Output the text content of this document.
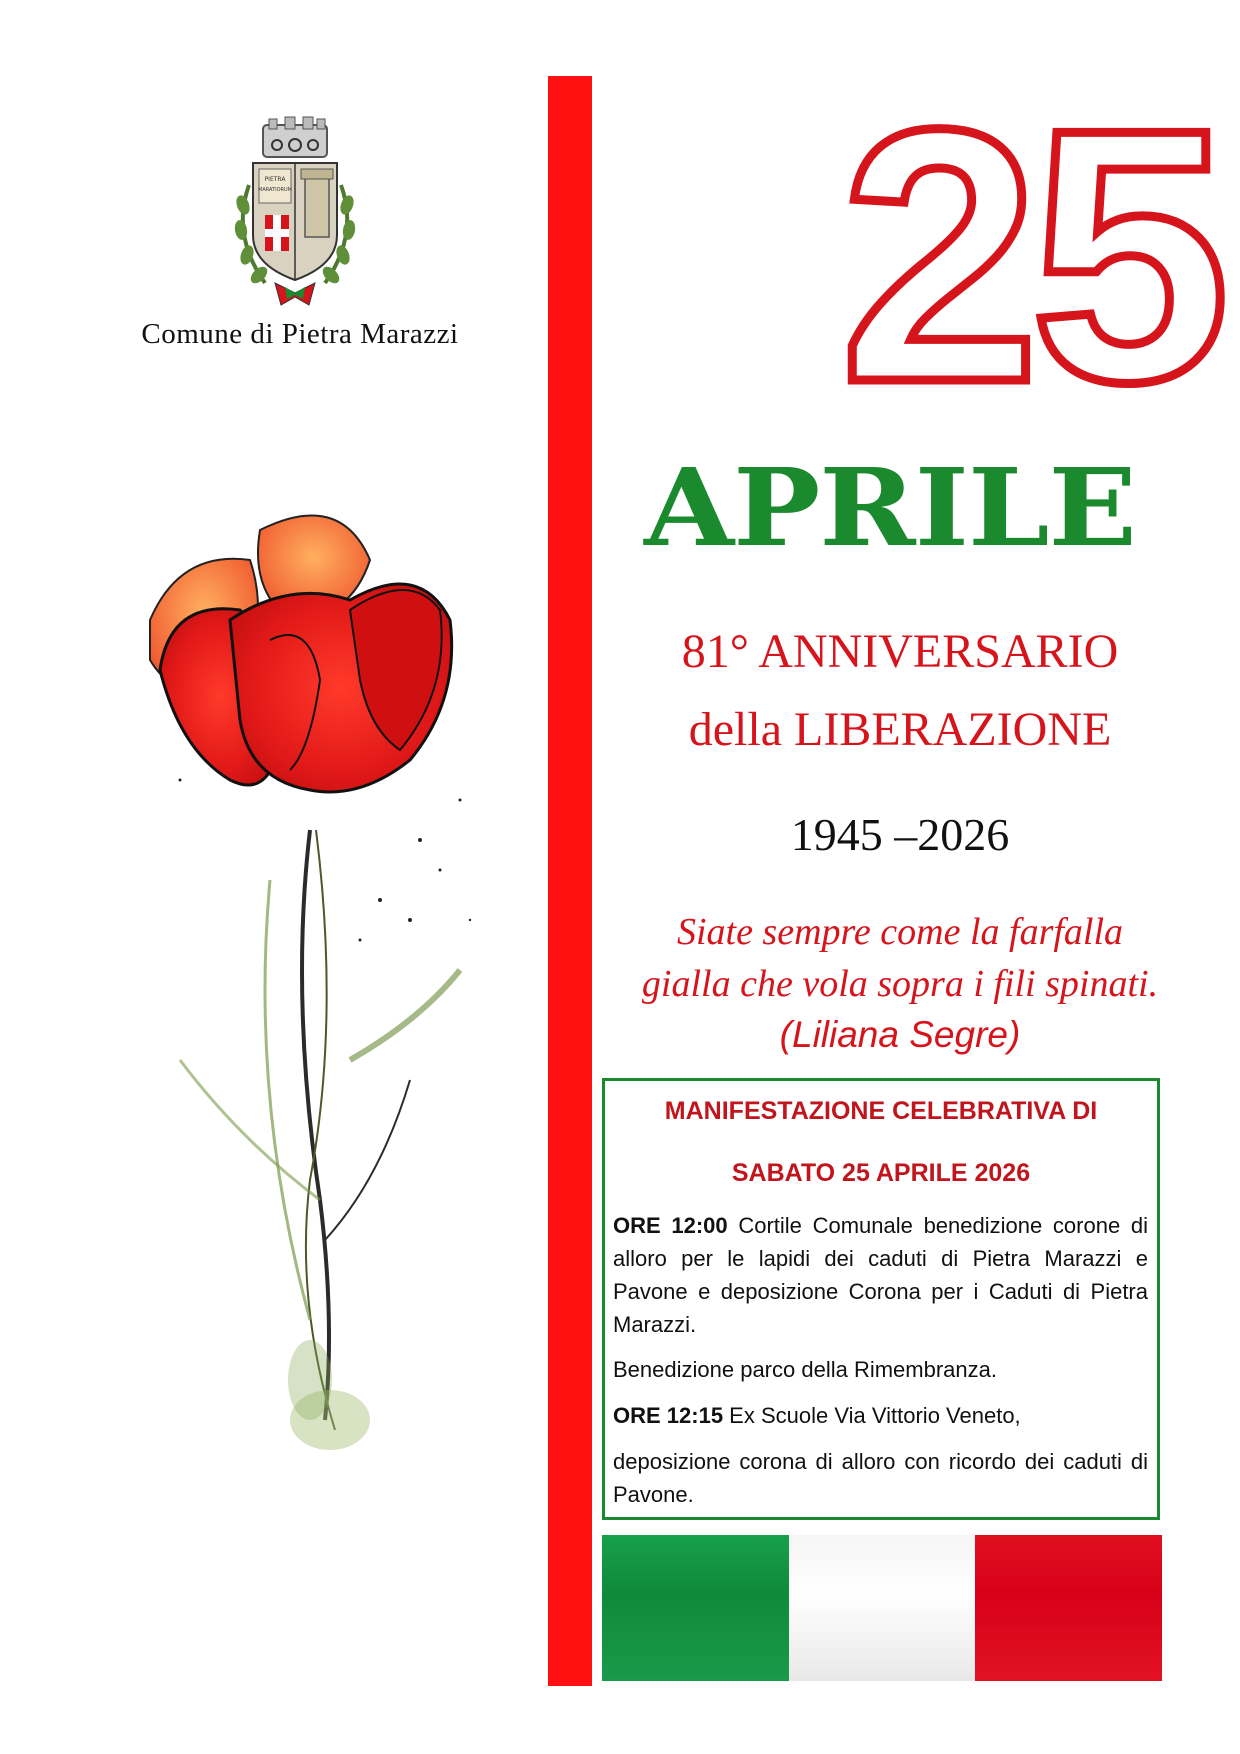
PIETRA
MARATIORUM
Comune di Pietra Marazzi 25
APRILE
81° ANNIVERSARIO
della LIBERAZIONE
1945 –2026
Siate sempre come la farfalla
gialla che vola sopra i fili spinati.
(Liliana Segre)
MANIFESTAZIONE CELEBRATIVA DI
SABATO 25 APRILE 2026
ORE 12:00 Cortile Comunale benedizione corone di alloro per le lapidi dei caduti di Pietra Marazzi e Pavone e deposizione Corona per i Caduti di Pietra Marazzi.
Benedizione parco della Rimembranza.
ORE 12:15 Ex Scuole Via Vittorio Veneto,
deposizione corona di alloro con ricordo dei caduti di Pavone.
